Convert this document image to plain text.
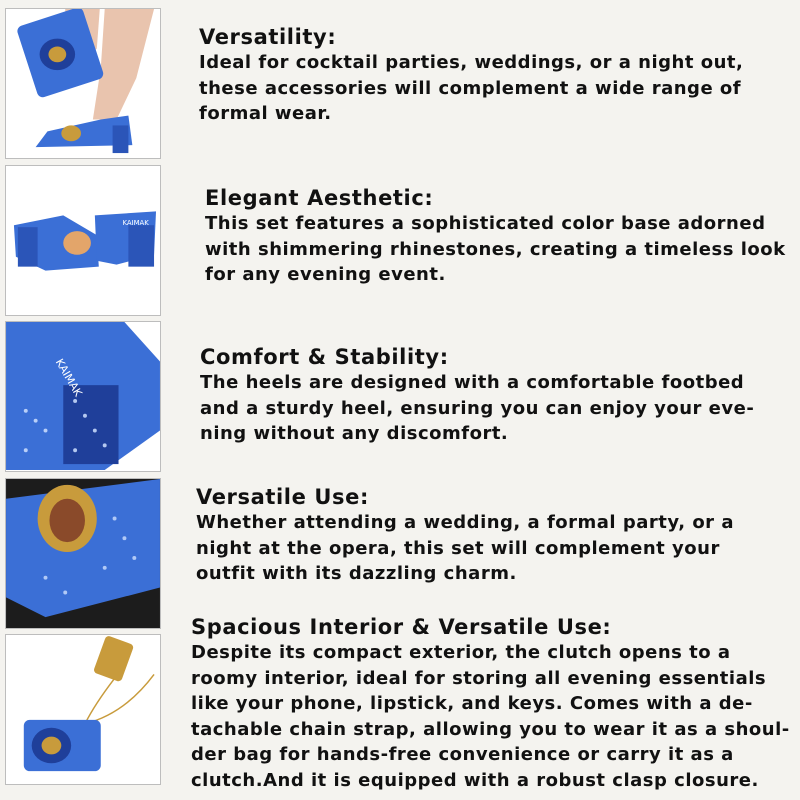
KAIMAK
KAIMAK
Versatility:

Ideal for cocktail parties, weddings, or a night out,
these accessories will complement a wide range of
formal wear.

Elegant Aesthetic:

This set features a sophisticated color base adorned
with shimmering rhinestones, creating a timeless look
for any evening event.

Comfort & Stability:

The heels are designed with a comfortable footbed
and a sturdy heel, ensuring you can enjoy your eve-
ning without any discomfort.

Versatile Use:

Whether attending a wedding, a formal party, or a
night at the opera, this set will complement your
outfit with its dazzling charm.

Spacious Interior & Versatile Use:

Despite its compact exterior, the clutch opens to a
roomy interior, ideal for storing all evening essentials
like your phone, lipstick, and keys. Comes with a de-
tachable chain strap, allowing you to wear it as a shoul-
der bag for hands-free convenience or carry it as a
clutch.And it is equipped with a robust clasp closure.
